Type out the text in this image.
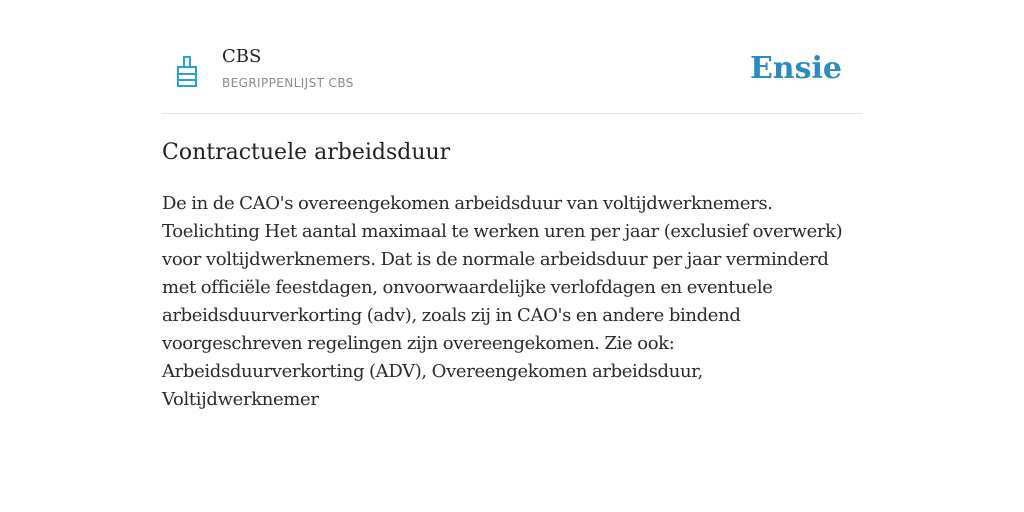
CBS
BEGRIPPENLIJST CBS	Ensie
Contractuele arbeidsduur

De in de CAO's overeengekomen arbeidsduur van voltijdwerknemers. Toelichting Het aantal maximaal te werken uren per jaar (exclusief overwerk) voor voltijdwerknemers. Dat is de normale arbeidsduur per jaar verminderd met officiële feestdagen, onvoorwaardelijke verlofdagen en eventuele arbeidsduurverkorting (adv), zoals zij in CAO's en andere bindend voorgeschreven regelingen zijn overeengekomen. Zie ook: Arbeidsduurverkorting (ADV), Overeengekomen arbeidsduur, Voltijdwerknemer
